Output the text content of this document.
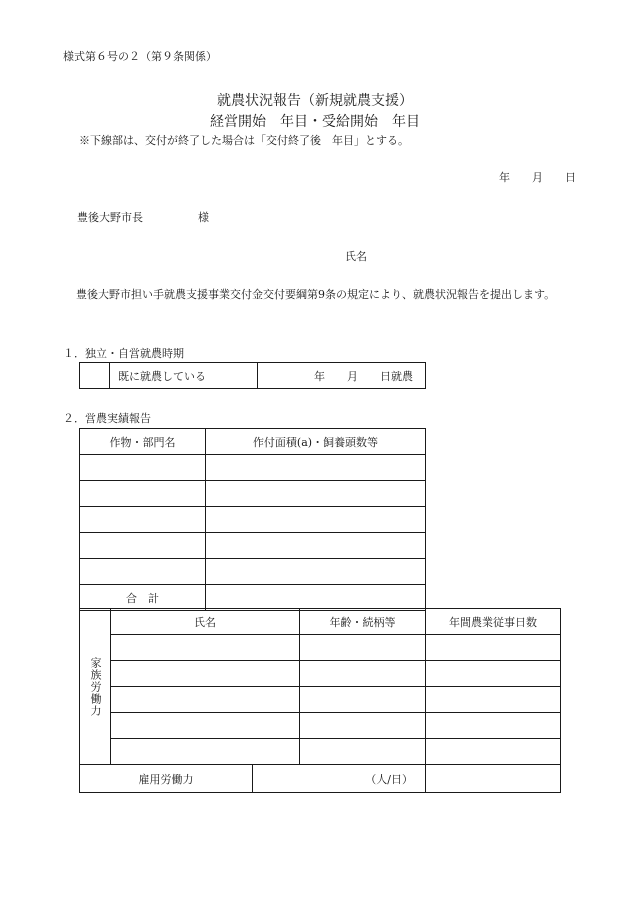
様式第６号の２（第９条関係）
就農状況報告（新規就農支援）
経営開始　年目・受給開始　年目
※下線部は、交付が終了した場合は「交付終了後　年目」とする。
年　　月　　日
豊後大野市長　　　　　様
氏名
豊後大野市担い手就農支援事業交付金交付要綱第9条の規定により、就農状況報告を提出します。
１．独立・自営就農時期
	既に就農している	年　　月　　日就農
２．営農実績報告
作物・部門名	作付面積(a)・飼養頭数等

合　計	
家族労働力	氏名		年齢・続柄等	年間農業従事日数

雇用労働力		（人/日）		
